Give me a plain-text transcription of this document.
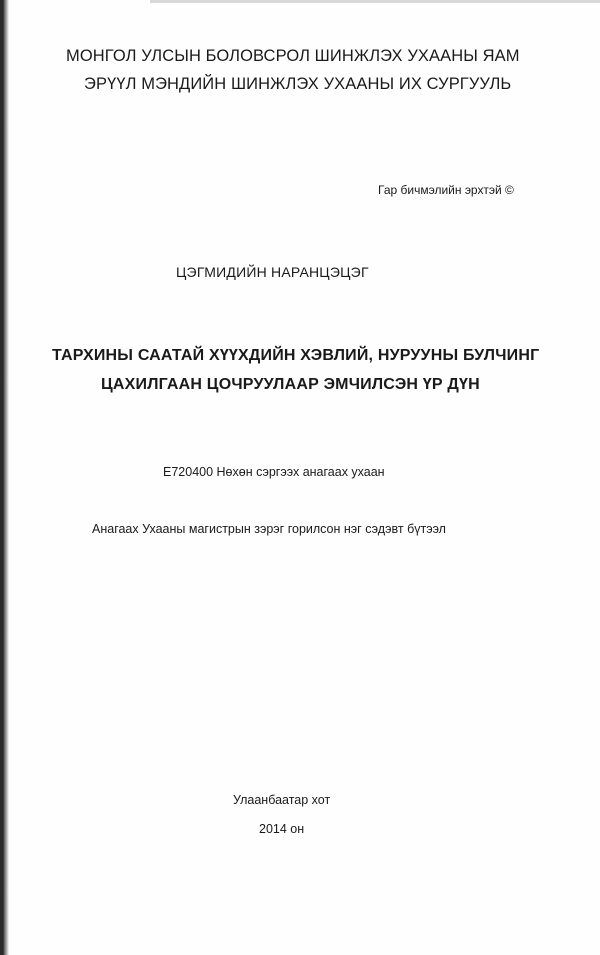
МОНГОЛ УЛСЫН БОЛОВСРОЛ ШИНЖЛЭХ УХААНЫ ЯАМ
ЭРҮҮЛ МЭНДИЙН ШИНЖЛЭХ УХААНЫ ИХ СУРГУУЛЬ
Гар бичмэлийн эрхтэй ©
ЦЭГМИДИЙН НАРАНЦЭЦЭГ
ТАРХИНЫ СААТАЙ ХҮҮХДИЙН ХЭВЛИЙ, НУРУУНЫ БУЛЧИНГ
ЦАХИЛГААН ЦОЧРУУЛААР ЭМЧИЛСЭН ҮР ДҮН
E720400 Нөхөн сэргээх анагаах ухаан
Анагаах Ухааны магистрын зэрэг горилсон нэг сэдэвт бүтээл
Улаанбаатар хот
2014 он
